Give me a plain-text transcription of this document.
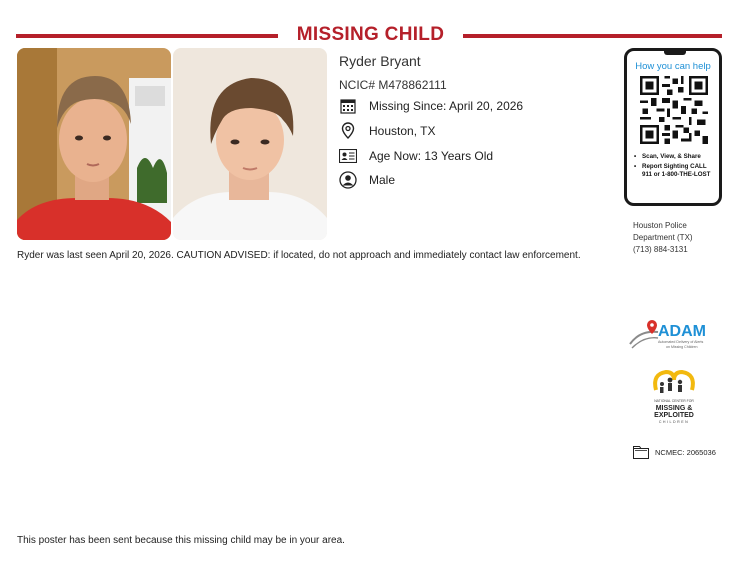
MISSING CHILD
Ryder Bryant
NCIC# M478862111
Missing Since: April 20, 2026
Houston, TX
Age Now: 13 Years Old
Male
Ryder was last seen April 20, 2026. CAUTION ADVISED: if located, do not approach and immediately contact law enforcement.
How you can help
• Scan, View, & Share
• Report Sighting CALL 911 or 1-800-THE-LOST
Houston Police
Department (TX)
(713) 884-3131
ADAM
Automated Delivery of Alerts
on Missing Children
NATIONAL CENTER FOR
MISSING &
EXPLOITED
CHILDREN
NCMEC: 2065036
This poster has been sent because this missing child may be in your area.
